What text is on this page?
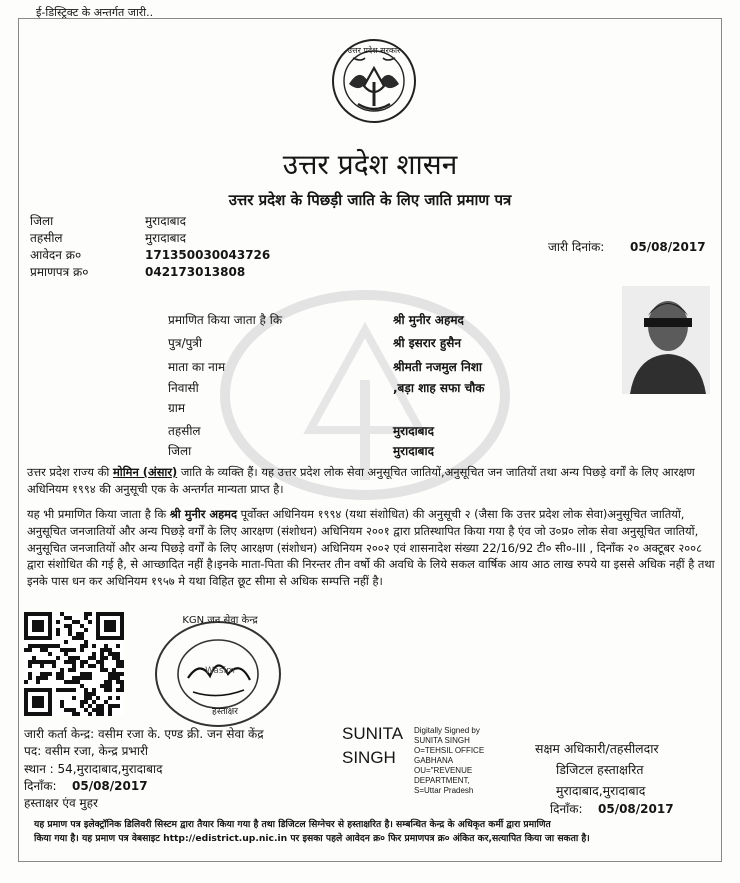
ई-डिस्ट्रिक्ट के अन्तर्गत जारी..
उत्तर प्रदेश सरकार
उत्तर प्रदेश शासन
उत्तर प्रदेश के पिछड़ी जाति के लिए जाति प्रमाण पत्र
जिला	मुरादाबाद
तहसील	मुरादाबाद
आवेदन क्र०	171350030043726
प्रमाणपत्र क्र०	042173013808
जारी दिनांक: 05/08/2017
प्रमाणित किया जाता है कि	श्री मुनीर अहमद
पुत्र/पुत्री	श्री इसरार हुसैन
माता का नाम	श्रीमती नजमुल निशा
निवासी	,बड़ा शाह सफा चौक
ग्राम
तहसील	मुरादाबाद
जिला	मुरादाबाद
उत्तर प्रदेश राज्य की मोमिन (अंसार) जाति के व्यक्ति हैं। यह उत्तर प्रदेश लोक सेवा अनुसूचित जातियों,अनुसूचित जन जातियों तथा अन्य पिछड़े वर्गों के लिए आरक्षण अधिनियम १९९४ की अनुसूची एक के अन्तर्गत मान्यता प्राप्त है।
यह भी प्रमाणित किया जाता है कि श्री मुनीर अहमद पूर्वोक्त अधिनियम १९९४ (यथा संशोधित) की अनुसूची २ (जैसा कि उत्तर प्रदेश लोक सेवा)अनुसूचित जातियों, अनुसूचित जनजातियों और अन्य पिछड़े वर्गों के लिए आरक्षण (संशोधन) अधिनियम २००१ द्वारा प्रतिस्थापित किया गया है एंव जो उ०प्र० लोक सेवा अनुसूचित जातियों, अनुसूचित जनजातियों और अन्य पिछड़े वर्गों के लिए आरक्षण (संशोधन) अधिनियम २००२ एवं शासनादेश संख्या 22/16/92 टी० सी०-III , दिनाँक २० अक्टूबर २००८ द्वारा संशोधित की गई है, से आच्छादित नहीं है।इनके माता-पिता की निरन्तर तीन वर्षो की अवधि के लिये सकल वार्षिक आय आठ लाख रुपये या इससे अधिक नहीं है तथा इनके पास धन कर अधिनियम १९५७ मे यथा विहित छूट सीमा से अधिक सम्पत्ति नहीं है।
KGN जन सेवा केन्द्र
Wasim
हस्ताक्षर
जारी कर्ता केन्द्र: वसीम रजा के. एण्ड क्री. जन सेवा केंद्र
पद: वसीम रजा, केन्द्र प्रभारी
स्थान : 54,मुरादाबाद,मुरादाबाद
दिनाँक: 05/08/2017
हस्ताक्षर एंव मुहर
SUNITA
SINGH
Digitally Signed by
SUNITA SINGH
O=TEHSIL OFFICE
GABHANA
OU="REVENUE
DEPARTMENT,
S=Uttar Pradesh
सक्षम अधिकारी/तहसीलदार
डिजिटल हस्ताक्षरित
मुरादाबाद,मुरादाबाद
दिनाँक: 05/08/2017
यह प्रमाण पत्र इलेक्ट्रॉनिक डिलिवरी सिस्टम द्वारा तैयार किया गया है तथा डिजिटल सिग्नेचर से हस्ताक्षरित है। सम्बन्धित केन्द्र के अधिकृत कर्मी द्वारा प्रमाणित
किया गया है। यह प्रमाण पत्र वेबसाइट http://edistrict.up.nic.in पर इसका पहले आवेदन क्र० फिर प्रमाणपत्र क्र० अंकित कर,सत्यापित किया जा सकता है।
